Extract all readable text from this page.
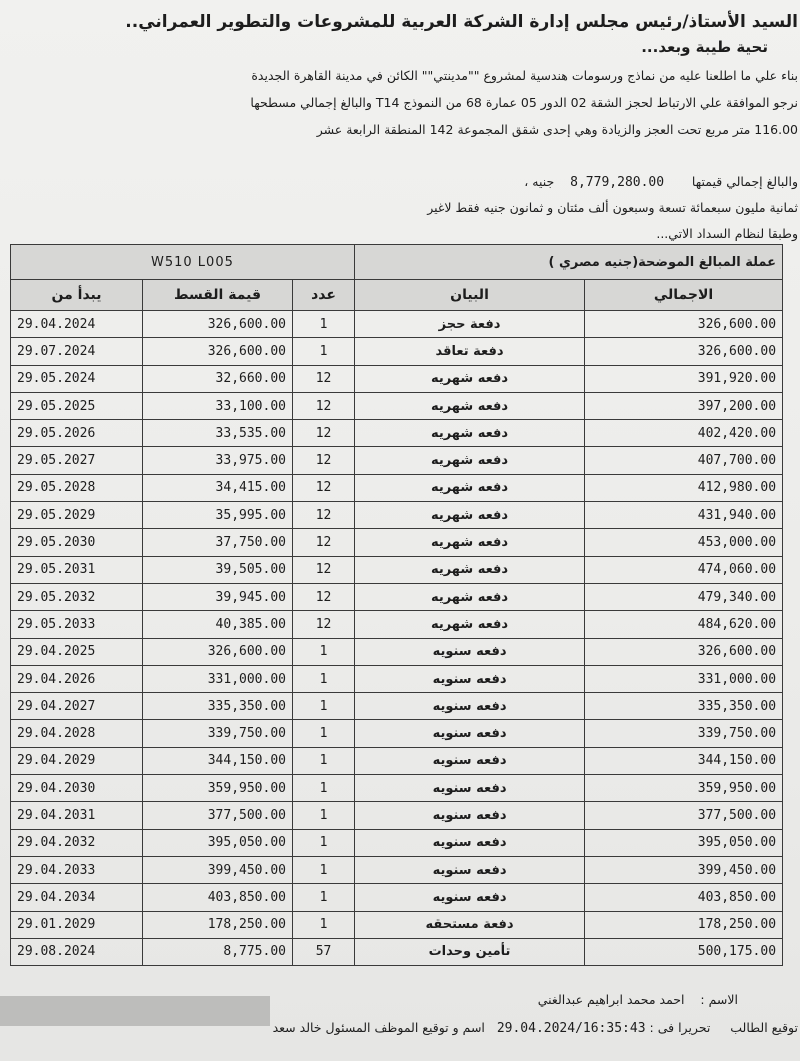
السيد الأستاذ/رئيس مجلس إدارة الشركة العربية للمشروعات والتطوير العمراني..
تحية طيبة وبعد...
بناء علي ما اطلعنا عليه من نماذج ورسومات هندسية لمشروع ""مدينتي"" الكائن في مدينة القاهرة الجديدة
نرجو الموافقة علي الارتباط لحجز الشقة 02 الدور 05 عمارة 68 من النموذج T14 والبالغ إجمالي مسطحها
116.00 متر مربع تحت العجز والزيادة وهي إحدى شقق المجموعة 142 المنطقة الرابعة عشر
والبالغ إجمالي قيمتها       8,779,280.00    جنيه ،
ثمانية مليون سبعمائة تسعة وسبعون ألف مئتان و ثمانون جنيه فقط لاغير
وطبقا لنظام السداد الاتي...
W510 L005			عملة المبالغ الموضحة(جنيه مصري )	
يبدأ من	قيمة القسط	عدد	البيان	الاجمالي
29.04.2024	326,600.00	1	دفعة حجز	326,600.00
29.07.2024	326,600.00	1	دفعة تعاقد	326,600.00
29.05.2024	32,660.00	12	دفعه شهريه	391,920.00
29.05.2025	33,100.00	12	دفعه شهريه	397,200.00
29.05.2026	33,535.00	12	دفعه شهريه	402,420.00
29.05.2027	33,975.00	12	دفعه شهريه	407,700.00
29.05.2028	34,415.00	12	دفعه شهريه	412,980.00
29.05.2029	35,995.00	12	دفعه شهريه	431,940.00
29.05.2030	37,750.00	12	دفعه شهريه	453,000.00
29.05.2031	39,505.00	12	دفعه شهريه	474,060.00
29.05.2032	39,945.00	12	دفعه شهريه	479,340.00
29.05.2033	40,385.00	12	دفعه شهريه	484,620.00
29.04.2025	326,600.00	1	دفعه سنويه	326,600.00
29.04.2026	331,000.00	1	دفعه سنويه	331,000.00
29.04.2027	335,350.00	1	دفعه سنويه	335,350.00
29.04.2028	339,750.00	1	دفعه سنويه	339,750.00
29.04.2029	344,150.00	1	دفعه سنويه	344,150.00
29.04.2030	359,950.00	1	دفعه سنويه	359,950.00
29.04.2031	377,500.00	1	دفعه سنويه	377,500.00
29.04.2032	395,050.00	1	دفعه سنويه	395,050.00
29.04.2033	399,450.00	1	دفعه سنويه	399,450.00
29.04.2034	403,850.00	1	دفعه سنويه	403,850.00
29.01.2029	178,250.00	1	دفعة مستحقه	178,250.00
29.08.2024	8,775.00	57	تأمين وحدات	500,175.00
الاسم :    احمد محمد ابراهيم عبدالغني
توقيع الطالب     تحريرا فى : 29.04.2024/16:35:43   اسم و توقيع الموظف المسئول خالد سعد
